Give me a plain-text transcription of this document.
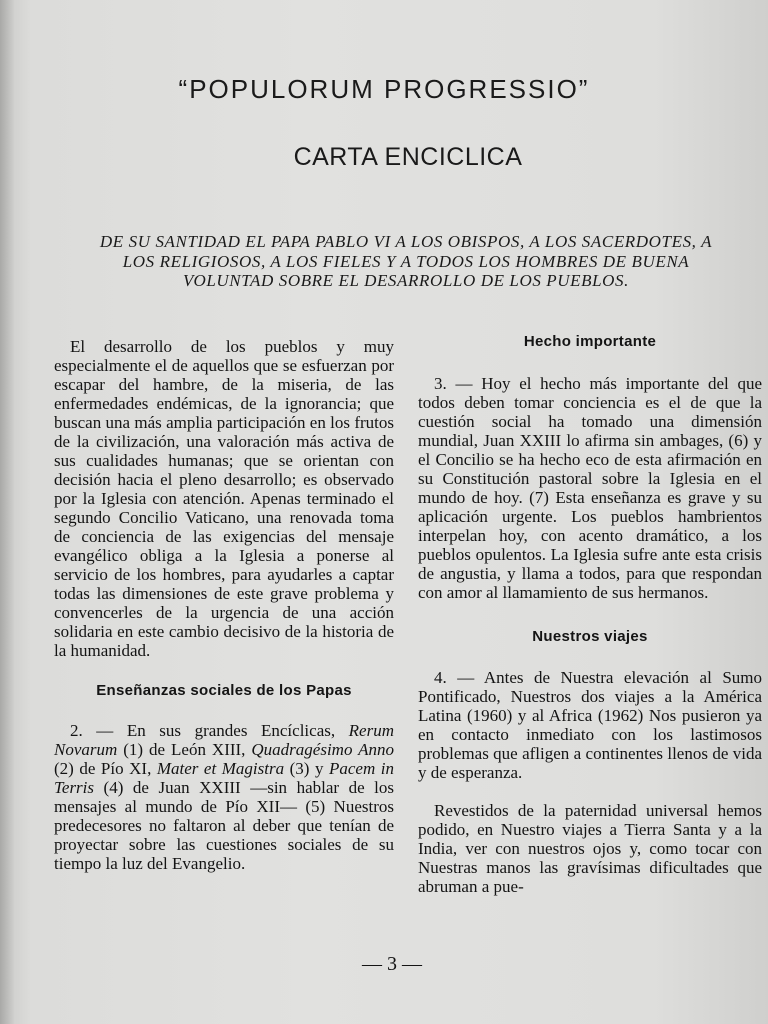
“POPULORUM PROGRESSIO”
CARTA ENCICLICA
DE SU SANTIDAD EL PAPA PABLO VI A LOS OBISPOS, A LOS SACERDOTES, A LOS RELIGIOSOS, A LOS FIELES Y A TODOS LOS HOMBRES DE BUENA VOLUNTAD SOBRE EL DESARROLLO DE LOS PUEBLOS.

El desarrollo de los pueblos y muy especialmente el de aquellos que se esfuerzan por escapar del hambre, de la miseria, de las enfermedades endémicas, de la ignorancia; que buscan una más amplia participación en los frutos de la civilización, una valoración más activa de sus cualidades humanas; que se orientan con decisión hacia el pleno desarrollo; es observado por la Iglesia con atención. Apenas terminado el segundo Concilio Vaticano, una renovada toma de conciencia de las exigencias del mensaje evangélico obliga a la Iglesia a ponerse al servicio de los hombres, para ayudarles a captar todas las dimensiones de este grave problema y convencerles de la urgencia de una acción solidaria en este cambio decisivo de la historia de la humanidad.

Enseñanzas sociales de los Papas

2. — En sus grandes Encíclicas, Rerum Novarum (1) de León XIII, Quadragésimo Anno (2) de Pío XI, Mater et Magistra (3) y Pacem in Terris (4) de Juan XXIII —sin hablar de los mensajes al mundo de Pío XII— (5) Nuestros predecesores no faltaron al deber que tenían de proyectar sobre las cuestiones sociales de su tiempo la luz del Evangelio.

Hecho importante

3. — Hoy el hecho más importante del que todos deben tomar conciencia es el de que la cuestión social ha tomado una dimensión mundial, Juan XXIII lo afirma sin ambages, (6) y el Concilio se ha hecho eco de esta afirmación en su Constitución pastoral sobre la Iglesia en el mundo de hoy. (7) Esta enseñanza es grave y su aplicación urgente. Los pueblos hambrientos interpelan hoy, con acento dramático, a los pueblos opulentos. La Iglesia sufre ante esta crisis de angustia, y llama a todos, para que respondan con amor al llamamiento de sus hermanos.

Nuestros viajes

4. — Antes de Nuestra elevación al Sumo Pontificado, Nuestros dos viajes a la América Latina (1960) y al Africa (1962) Nos pusieron ya en contacto inmediato con los lastimosos problemas que afligen a continentes llenos de vida y de esperanza.

Revestidos de la paternidad universal hemos podido, en Nuestro viajes a Tierra Santa y a la India, ver con nuestros ojos y, como tocar con Nuestras manos las gravísimas dificultades que abruman a pue-

— 3 —
